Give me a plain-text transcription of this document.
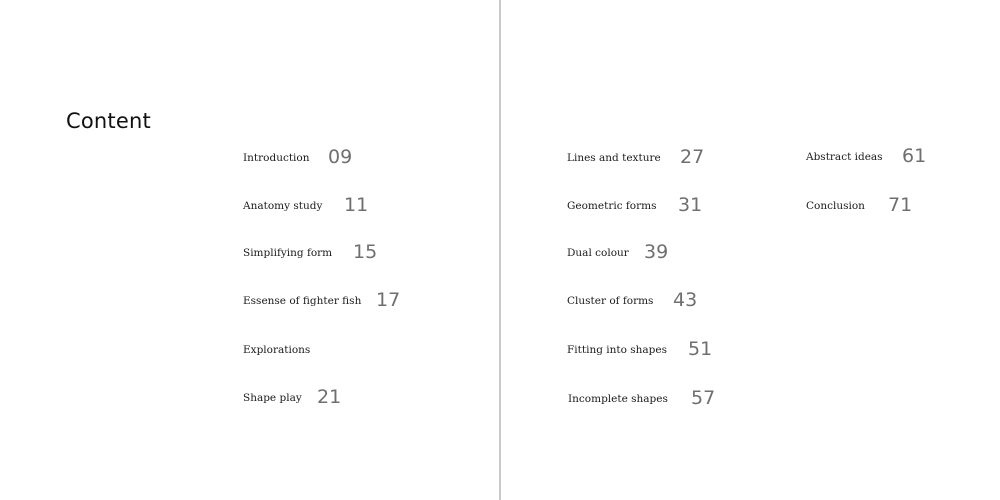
Content
Introduction 09
Anatomy study 11
Simplifying form 15
Essense of fighter fish 17
Explorations
Shape play 21
Lines and texture 27
Geometric forms 31
Dual colour 39
Cluster of forms 43
Fitting into shapes 51
Incomplete shapes 57
Abstract ideas 61
Conclusion 71
